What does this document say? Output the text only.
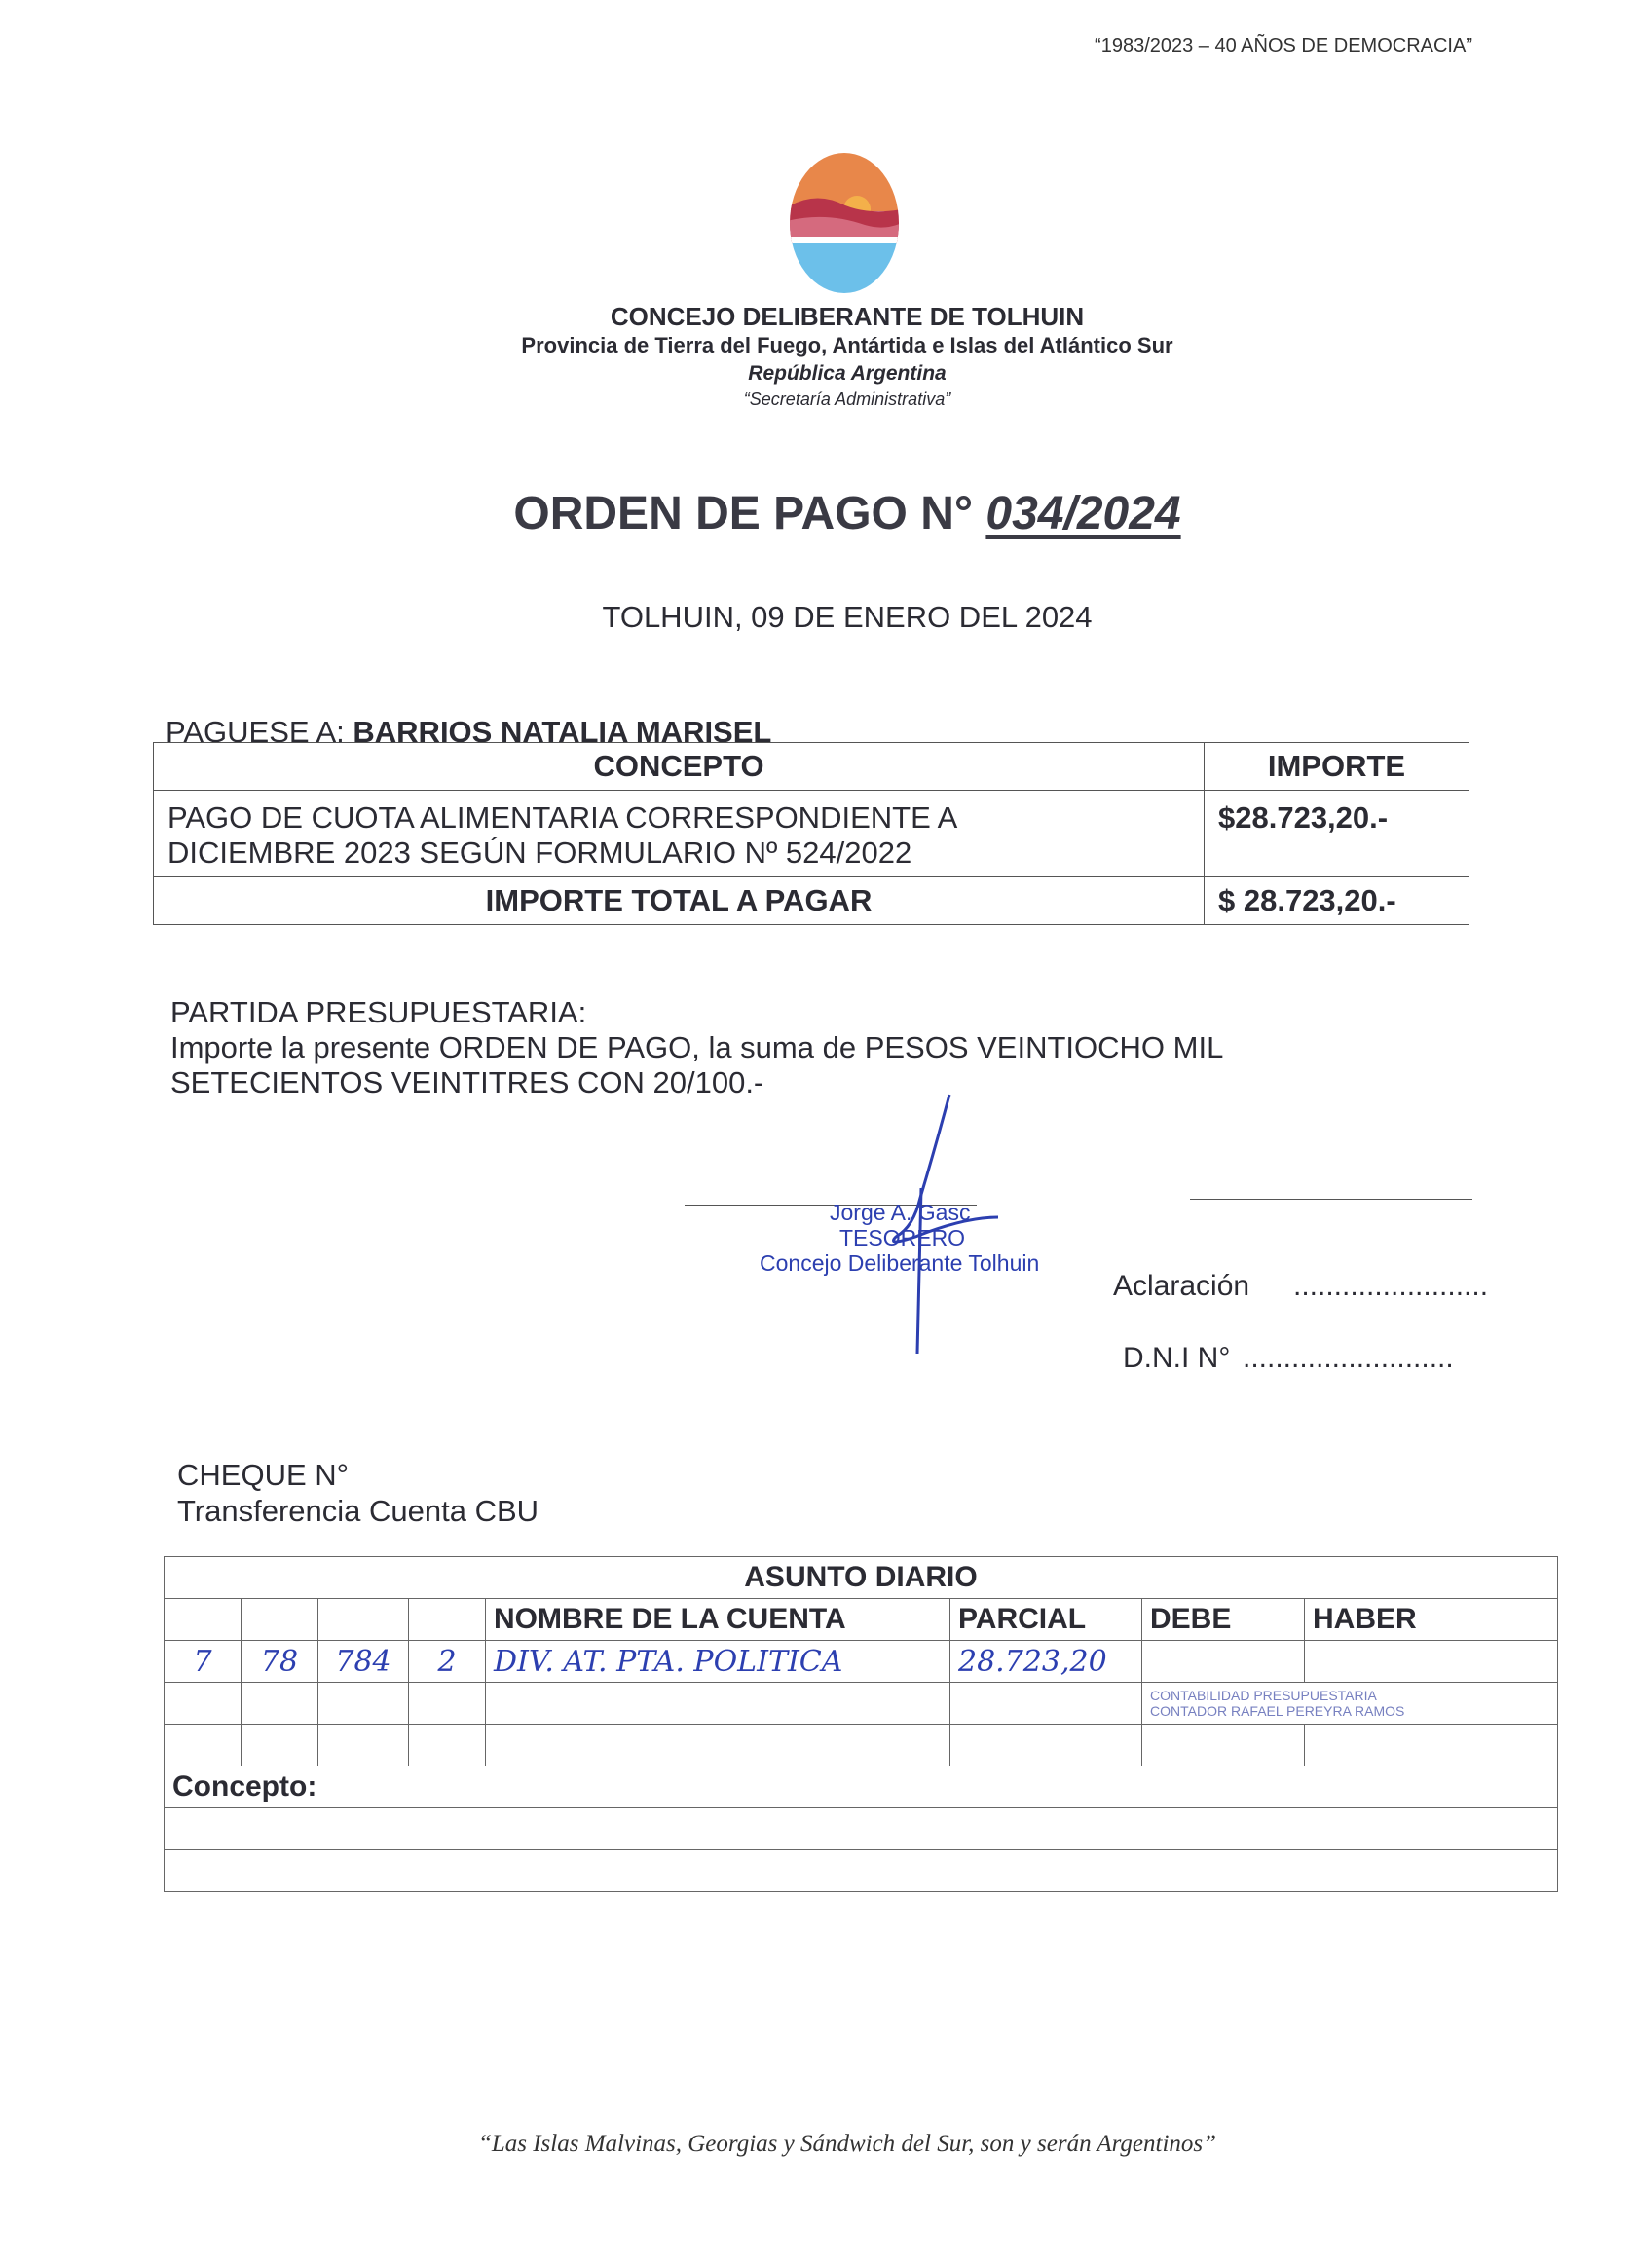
“1983/2023 – 40 AÑOS DE DEMOCRACIA”
CONCEJO DELIBERANTE DE TOLHUIN
Provincia de Tierra del Fuego, Antártida e Islas del Atlántico Sur
República Argentina
“Secretaría Administrativa”
ORDEN DE PAGO N° 034/2024
TOLHUIN, 09 DE ENERO DEL 2024
PAGUESE A: BARRIOS NATALIA MARISEL
CONCEPTO	IMPORTE

PAGO DE CUOTA ALIMENTARIA CORRESPONDIENTE A
DICIEMBRE 2023 SEGÚN FORMULARIO Nº 524/2022	$28.723,20.-
IMPORTE TOTAL A PAGAR	$ 28.723,20.-
PARTIDA PRESUPUESTARIA:
Importe la presente ORDEN DE PAGO, la suma de PESOS VEINTIOCHO MIL
SETECIENTOS VEINTITRES CON 20/100.-
Jorge A. Gasc
TESORERO
Concejo Deliberante Tolhuin
Aclaración ........................
D.N.I N° ..........................
CHEQUE N°
Transferencia Cuenta CBU
ASUNTO DIARIO							
				NOMBRE DE LA CUENTA	PARCIAL	DEBE	HABER
7	78	784	2	DIV. AT. PTA. POLITICA	28.723,20		

						CONTABILIDAD PRESUPUESTARIA
CONTADOR RAFAEL PEREYRA RAMOS	

Concepto:							

“Las Islas Malvinas, Georgias y Sándwich del Sur, son y serán Argentinos”
